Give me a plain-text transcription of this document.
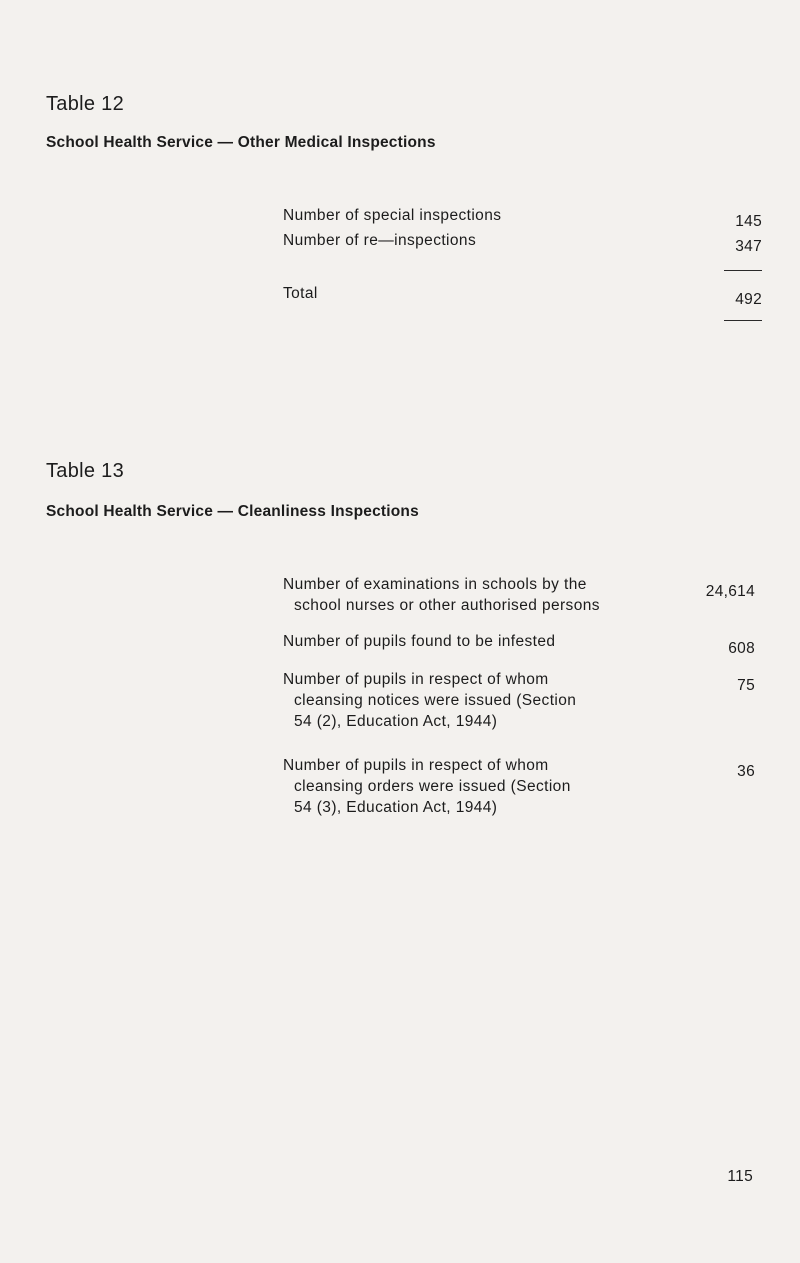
Table 12
School Health Service — Other Medical Inspections
Number of special inspections	145
Number of re—inspections	347
Total	492
Table 13
School Health Service — Cleanliness Inspections
Number of examinations in schools by the
school nurses or other authorised persons
24,614
Number of pupils found to be infested	608
Number of pupils in respect of whom
cleansing notices were issued (Section
54 (2), Education Act, 1944)
75
Number of pupils in respect of whom
cleansing orders were issued (Section
54 (3), Education Act, 1944)
36
115
